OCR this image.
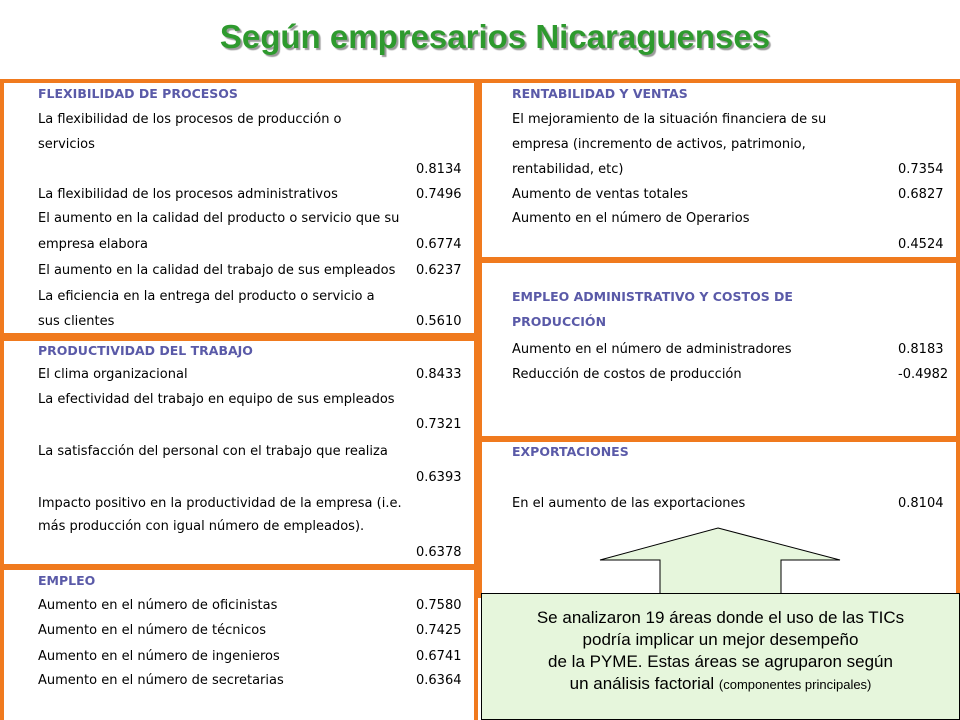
Según empresarios Nicaraguenses
FLEXIBILIDAD DE PROCESOS
La flexibilidad de los procesos de producción o
servicios
0.8134
La flexibilidad de los procesos administrativos	0.7496
El aumento en la calidad del producto o servicio que su
empresa elabora	0.6774
El aumento en la calidad del trabajo de sus empleados 0.6237
La eficiencia en la entrega del producto o servicio a
sus clientes	0.5610
PRODUCTIVIDAD DEL TRABAJO
El clima organizacional	0.8433
La efectividad del trabajo en equipo de sus empleados
0.7321
La satisfacción del personal con el trabajo que realiza
0.6393
Impacto positivo en la productividad de la empresa (i.e.
más producción con igual número de empleados).
0.6378
EMPLEO
Aumento en el número de oficinistas	0.7580
Aumento en el número de técnicos	0.7425
Aumento en el número de ingenieros	0.6741
Aumento en el número de secretarias	0.6364
RENTABILIDAD Y VENTAS
El mejoramiento de la situación financiera de su
empresa (incremento de activos, patrimonio,
rentabilidad, etc)	0.7354
Aumento de ventas totales	0.6827
Aumento en el número de Operarios
0.4524
EMPLEO ADMINISTRATIVO Y COSTOS DE
PRODUCCIÓN
Aumento en el número de administradores	0.8183
Reducción de costos de producción	-0.4982
EXPORTACIONES
En el aumento de las exportaciones	0.8104
Se analizaron 19 áreas donde el uso de las TICs
podría implicar un mejor desempeño
de la PYME. Estas áreas se agruparon según
un análisis factorial (componentes principales)
